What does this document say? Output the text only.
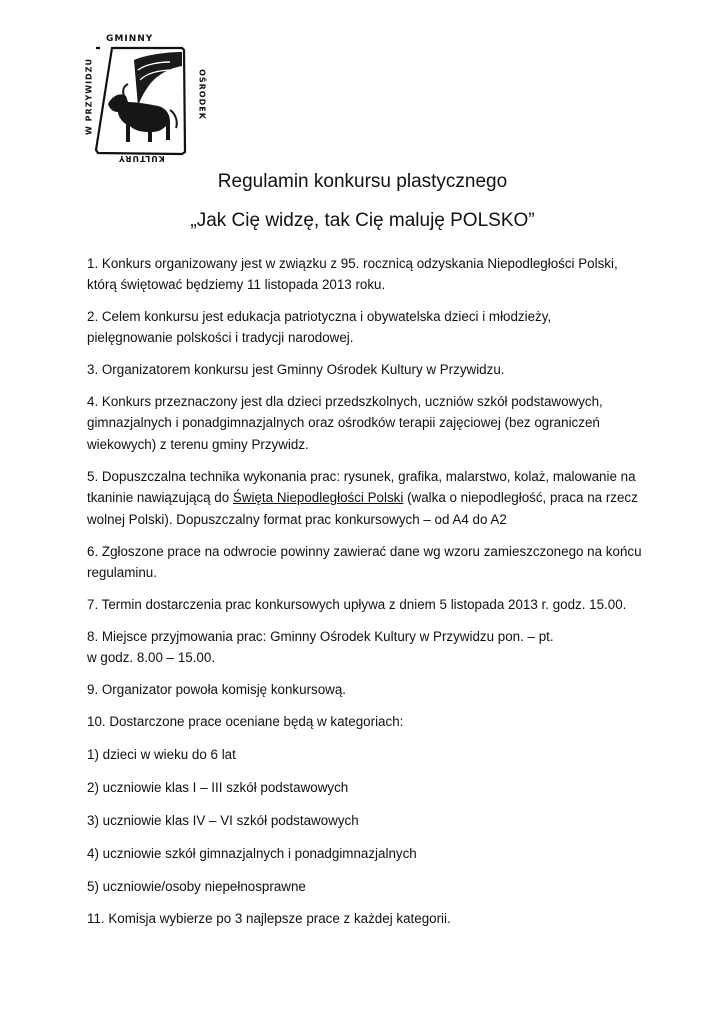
GMINNY
W PRZYWIDZU	OŚRODEK
KULTURY
Regulamin konkursu plastycznego
„Jak Cię widzę, tak Cię maluję POLSKO”

1. Konkurs organizowany jest w związku z 95. rocznicą odzyskania Niepodległości Polski,
którą świętować będziemy 11 listopada 2013 roku.

2. Celem konkursu jest edukacja patriotyczna i obywatelska dzieci i młodzieży,
pielęgnowanie polskości i tradycji narodowej.

3. Organizatorem konkursu jest Gminny Ośrodek Kultury w Przywidzu.

4. Konkurs przeznaczony jest dla dzieci przedszkolnych, uczniów szkół podstawowych,
gimnazjalnych i ponadgimnazjalnych oraz ośrodków terapii zajęciowej (bez ograniczeń
wiekowych) z terenu gminy Przywidz.

5. Dopuszczalna technika wykonania prac: rysunek, grafika, malarstwo, kolaż, malowanie na
tkaninie nawiązującą do Święta Niepodległości Polski (walka o niepodległość, praca na rzecz
wolnej Polski). Dopuszczalny format prac konkursowych – od A4 do A2

6. Zgłoszone prace na odwrocie powinny zawierać dane wg wzoru zamieszczonego na końcu
regulaminu.

7. Termin dostarczenia prac konkursowych upływa z dniem 5 listopada 2013 r. godz. 15.00.

8. Miejsce przyjmowania prac: Gminny Ośrodek Kultury w Przywidzu pon. – pt.
w godz. 8.00 – 15.00.

9. Organizator powoła komisję konkursową.

10. Dostarczone prace oceniane będą w kategoriach:

1) dzieci w wieku do 6 lat

2) uczniowie klas I – III szkół podstawowych

3) uczniowie klas IV – VI szkół podstawowych

4) uczniowie szkół gimnazjalnych i ponadgimnazjalnych

5) uczniowie/osoby niepełnosprawne

11. Komisja wybierze po 3 najlepsze prace z każdej kategorii.
